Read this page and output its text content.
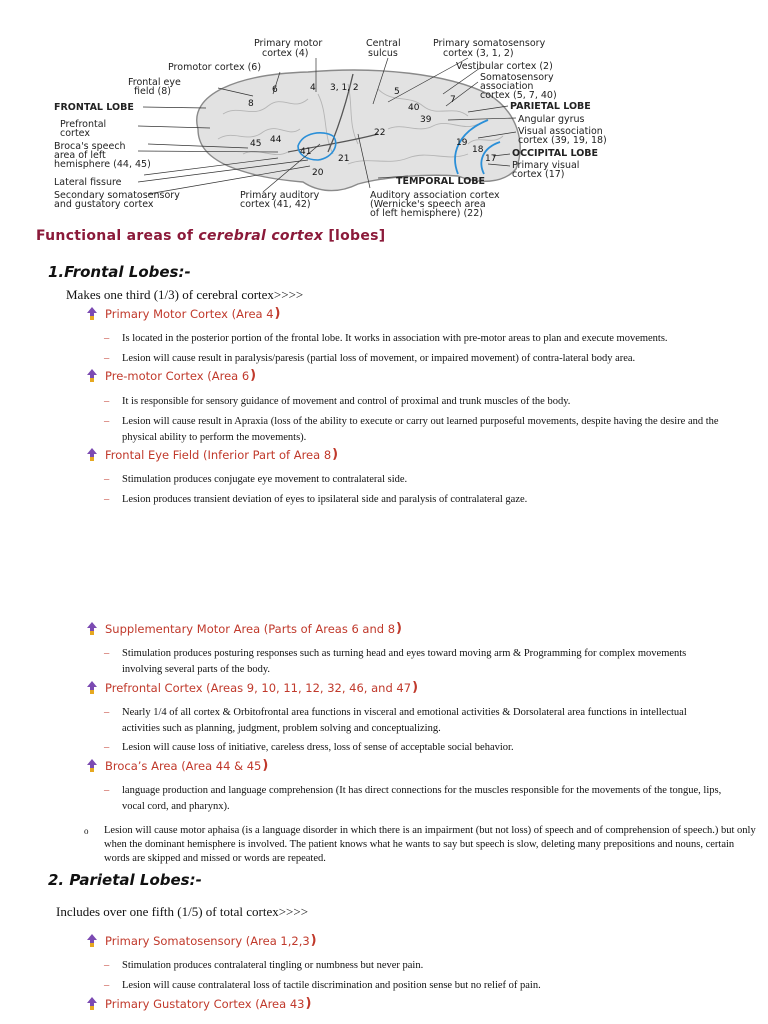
Primary motor
cortex (4)
Central
sulcus
Primary somatosensory
cortex (3, 1, 2)
Promotor cortex (6)	Vestibular cortex (2)
Frontal eye
field (8)
Somatosensory
association
cortex (5, 7, 40)
FRONTAL LOBE	PARIETAL LOBE
Prefrontal
cortex
Angular gyrus
Visual association
cortex (39, 19, 18)
Broca's speech
area of left
hemisphere (44, 45)
OCCIPITAL LOBE
Primary visual
cortex (17)
Lateral fissure	TEMPORAL LOBE
Secondary somatosensory
and gustatory cortex
Primary auditory
cortex (41, 42)
Auditory association cortex
(Wernicke's speech area
of left hemisphere) (22)
8
6	4 3, 1, 2	5
7
40
39
22
44
45
41
21
20
19
18
17
Functional areas of cerebral cortex [lobes]
1.Frontal Lobes:-
Makes one third (1/3) of cerebral cortex>>>>
Primary Motor Cortex (Area 4 )
–	Is located in the posterior portion of the frontal lobe. It works in association with pre-motor areas to plan and execute movements.
–	Lesion will cause result in paralysis/paresis (partial loss of movement, or impaired movement) of contra-lateral body area.
Pre-motor Cortex (Area 6 )
–	It is responsible for sensory guidance of movement and control of proximal and trunk muscles of the body.
–	Lesion will cause result in Apraxia (loss of the ability to execute or carry out learned purposeful movements, despite having the desire and the physical ability to perform the movements).
Frontal Eye Field (Inferior Part of Area 8 )
–	Stimulation produces conjugate eye movement to contralateral side.
–	Lesion produces transient deviation of eyes to ipsilateral side and paralysis of contralateral gaze.
Supplementary Motor Area (Parts of Areas 6 and 8 )
–	Stimulation produces posturing responses such as turning head and eyes toward moving arm & Programming for complex movements involving several parts of the body.
Prefrontal Cortex (Areas 9, 10, 11, 12, 32, 46, and 47 )
–	Nearly 1/4 of all cortex & Orbitofrontal area functions in visceral and emotional activities & Dorsolateral area functions in intellectual activities such as planning, judgment, problem solving and conceptualizing.
–	Lesion will cause loss of initiative, careless dress, loss of sense of acceptable social behavior.
Broca’s Area (Area 44 & 45 )
–	language production and language comprehension (It has direct connections for the muscles responsible for the movements of the tongue, lips, vocal cord, and pharynx).
o	Lesion will cause motor aphaisa (is a language disorder in which there is an impairment (but not loss) of speech and of comprehension of speech.) but only when the dominant hemisphere is involved. The patient knows what he wants to say but speech is slow, deleting many prepositions and nouns, certain words are skipped and missed or words are repeated.
2. Parietal Lobes:-
Includes over one fifth (1/5) of total cortex>>>>
Primary Somatosensory (Area 1,2,3 )
–	Stimulation produces contralateral tingling or numbness but never pain.
–	Lesion will cause contralateral loss of tactile discrimination and position sense but no relief of pain.
Primary Gustatory Cortex (Area 43 )
